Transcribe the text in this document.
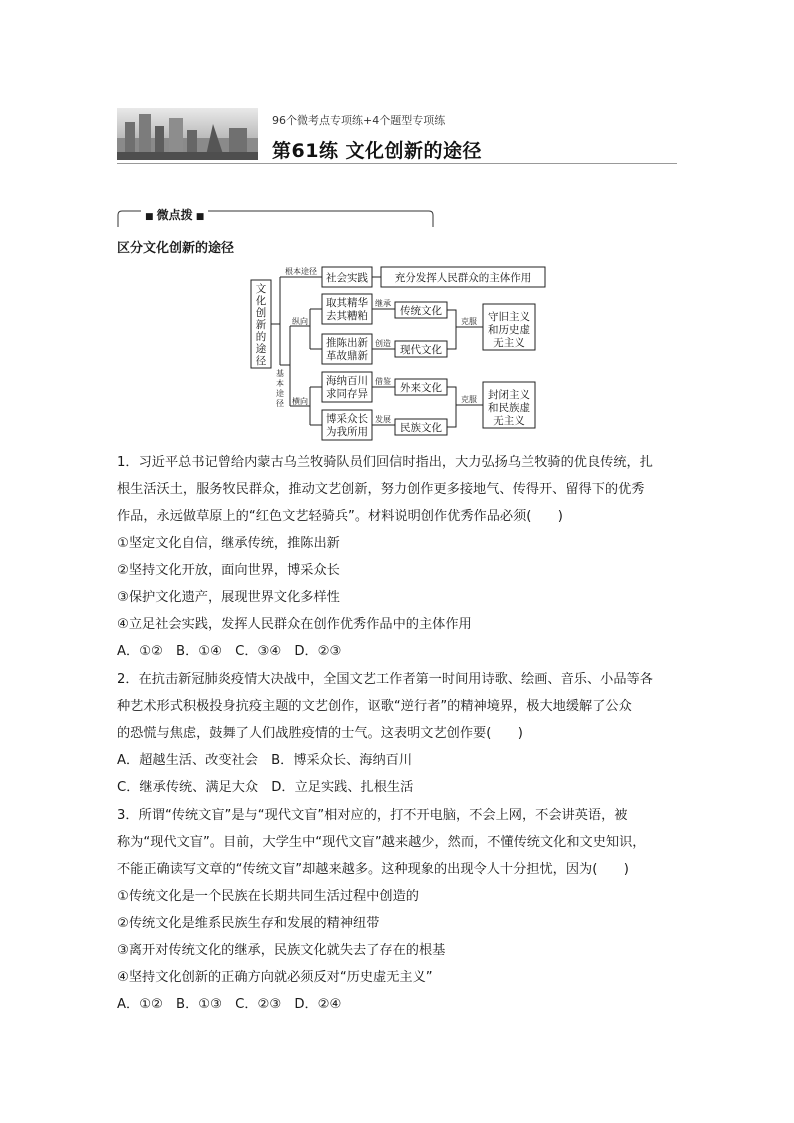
96个微考点专项练+4个题型专项练
第61练 文化创新的途径
■ 微点拨 ■
区分文化创新的途径
文
化
创
新
的
途
径
社会实践	充分发挥人民群众的主体作用
取其精华
去其糟粕
推陈出新
革故鼎新
海纳百川
求同存异
博采众长
为我所用
传统文化
现代文化
外来文化
民族文化
守旧主义
和历史虚
无主义
封闭主义
和民族虚
无主义
根本途径
纵向
横向
基
本
途
径
继承
创造
借鉴
发展
克服
克服
1．习近平总书记曾给内蒙古乌兰牧骑队员们回信时指出，大力弘扬乌兰牧骑的优良传统，扎
根生活沃土，服务牧民群众，推动文艺创新，努力创作更多接地气、传得开、留得下的优秀
作品，永远做草原上的“红色文艺轻骑兵”。材料说明创作优秀作品必须(　　)
①坚定文化自信，继承传统，推陈出新
②坚持文化开放，面向世界，博采众长
③保护文化遗产，展现世界文化多样性
④立足社会实践，发挥人民群众在创作优秀作品中的主体作用
A．①②　B．①④　C．③④　D．②③
2．在抗击新冠肺炎疫情大决战中，全国文艺工作者第一时间用诗歌、绘画、音乐、小品等各
种艺术形式积极投身抗疫主题的文艺创作，讴歌“逆行者”的精神境界，极大地缓解了公众
的恐慌与焦虑，鼓舞了人们战胜疫情的士气。这表明文艺创作要(　　)
A．超越生活、改变社会　B．博采众长、海纳百川
C．继承传统、满足大众　D．立足实践、扎根生活
3．所谓“传统文盲”是与“现代文盲”相对应的，打不开电脑，不会上网，不会讲英语，被
称为“现代文盲”。目前，大学生中“现代文盲”越来越少，然而，不懂传统文化和文史知识，
不能正确读写文章的“传统文盲”却越来越多。这种现象的出现令人十分担忧，因为(　　)
①传统文化是一个民族在长期共同生活过程中创造的
②传统文化是维系民族生存和发展的精神纽带
③离开对传统文化的继承，民族文化就失去了存在的根基
④坚持文化创新的正确方向就必须反对“历史虚无主义”
A．①②　B．①③　C．②③　D．②④
